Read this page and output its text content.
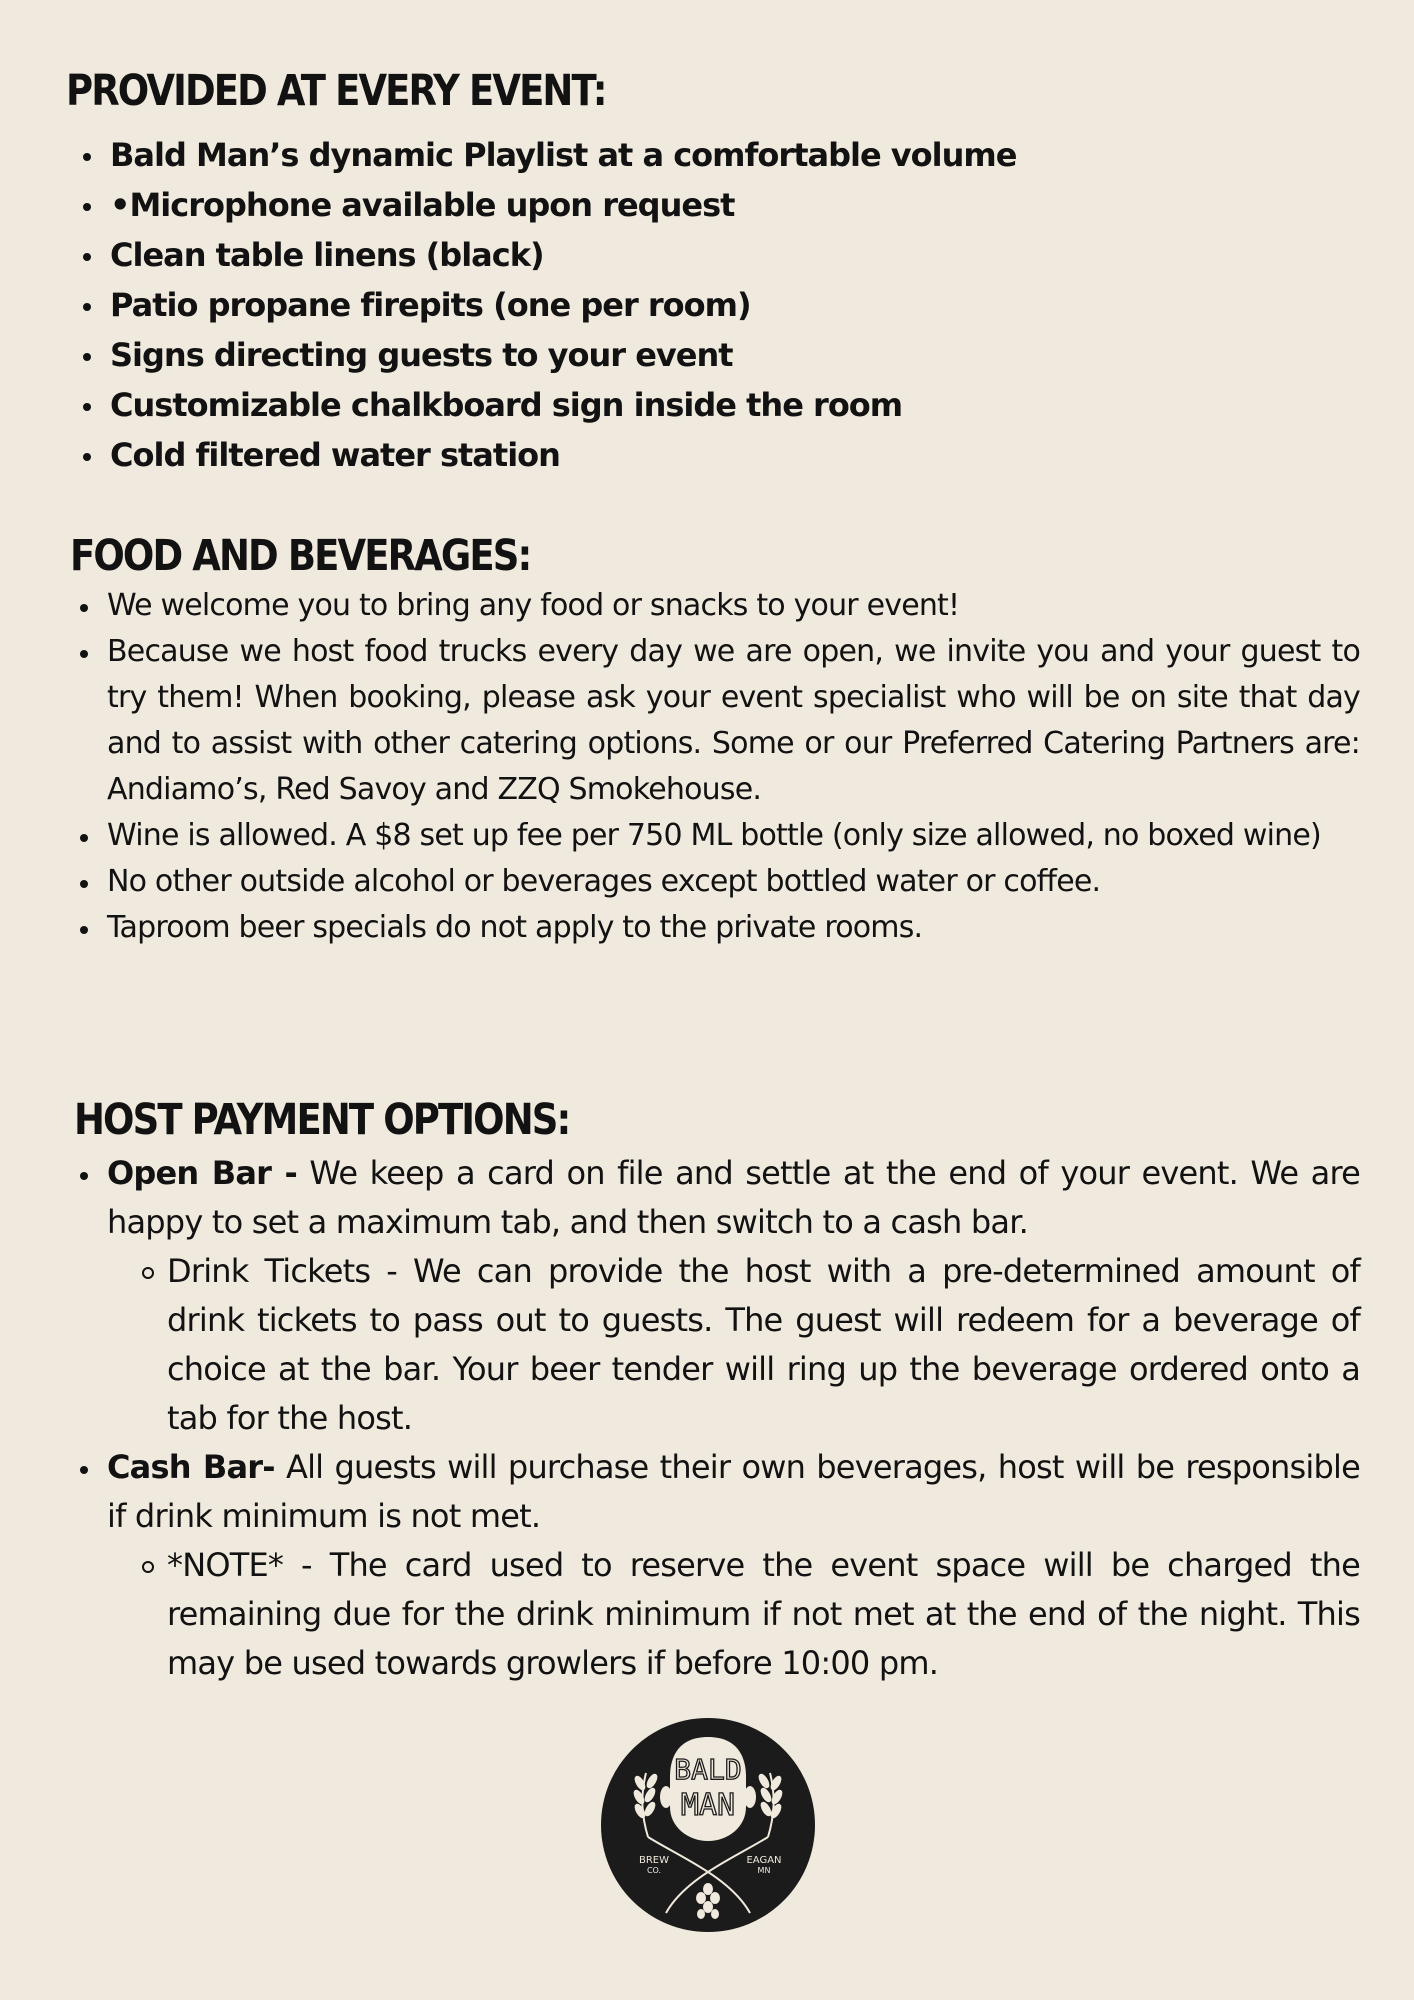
PROVIDED AT EVERY EVENT:
Bald Man’s dynamic Playlist at a comfortable volume
•Microphone available upon request
Clean table linens (black)
Patio propane firepits (one per room)
Signs directing guests to your event
Customizable chalkboard sign inside the room
Cold filtered water station
FOOD AND BEVERAGES:
We welcome you to bring any food or snacks to your event!
Because we host food trucks every day we are open, we invite you and your guest to try them! When booking, please ask your event specialist who will be on site that day and to assist with other catering options. Some or our Preferred Catering Partners are: Andiamo’s, Red Savoy and ZZQ Smokehouse.
Wine is allowed. A $8 set up fee per 750 ML bottle (only size allowed, no boxed wine)
No other outside alcohol or beverages except bottled water or coffee.
Taproom beer specials do not apply to the private rooms.
HOST PAYMENT OPTIONS:
Open Bar - We keep a card on file and settle at the end of your event. We are happy to set a maximum tab, and then switch to a cash bar.
Drink Tickets - We can provide the host with a pre-determined amount of drink tickets to pass out to guests. The guest will redeem for a beverage of choice at the bar. Your beer tender will ring up the beverage ordered onto a tab for the host.
Cash Bar- All guests will purchase their own beverages, host will be responsible if drink minimum is not met.
*NOTE* - The card used to reserve the event space will be charged the remaining due for the drink minimum if not met at the end of the night. This may be used towards growlers if before 10:00 pm.
BALD
MAN
BREW
CO.
EAGAN
MN
